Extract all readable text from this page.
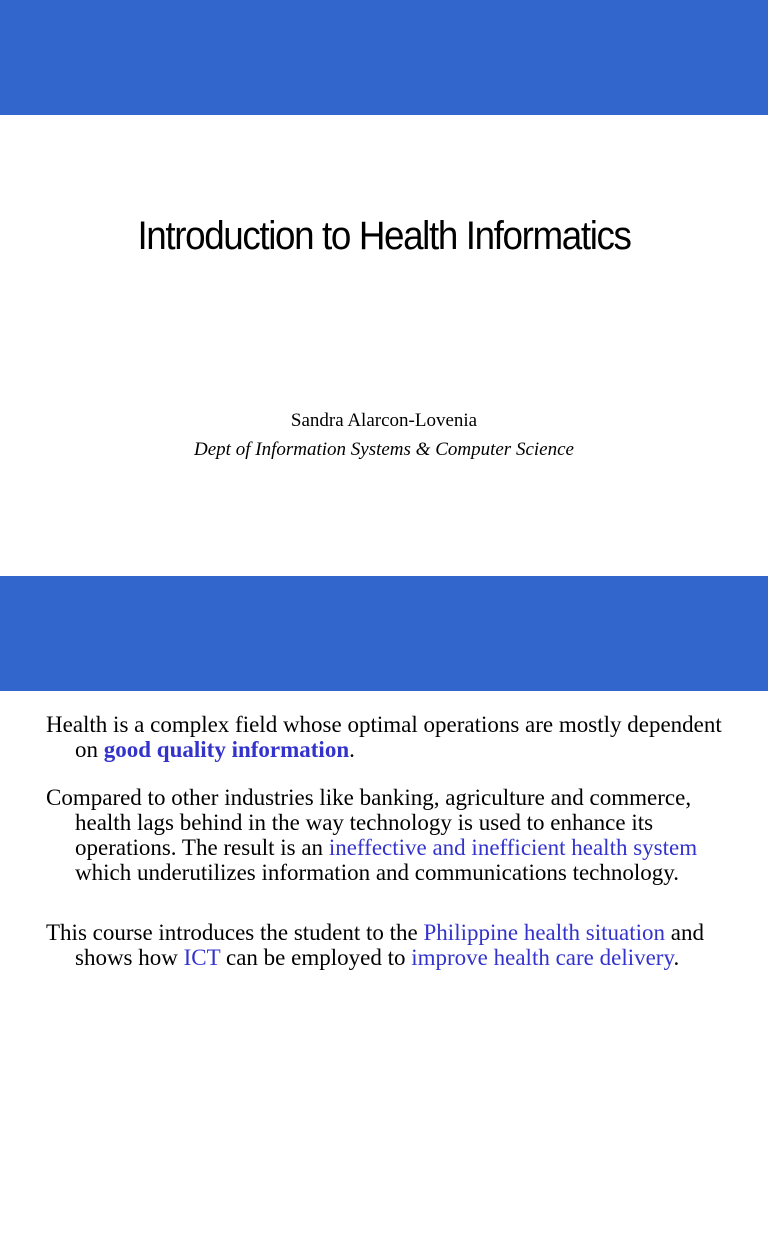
Introduction to Health Informatics
Sandra Alarcon-Lovenia
Dept of Information Systems & Computer Science
Course Description

Health is a complex field whose optimal operations are mostly dependent on good quality information.

Compared to other industries like banking, agriculture and commerce, health lags behind in the way technology is used to enhance its operations. The result is an ineffective and inefficient health system which underutilizes information and communications technology.

This course introduces the student to the Philippine health situation and shows how ICT can be employed to improve health care delivery.
